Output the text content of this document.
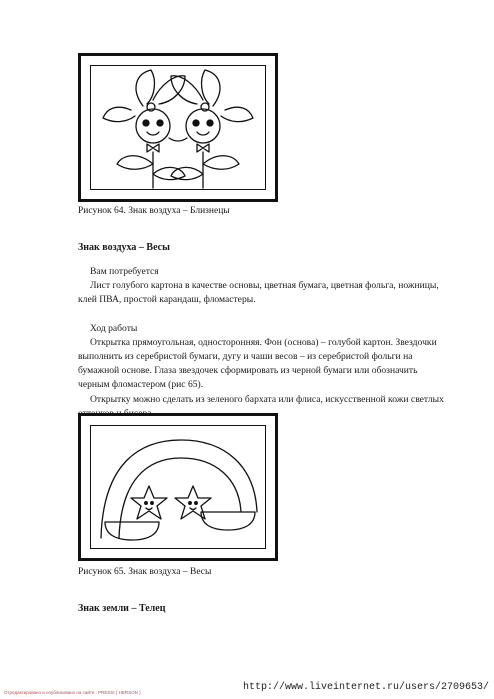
Рисунок 64. Знак воздуха – Близнецы
Знак воздуха – Весы

Вам потребуется

Лист голубого картона в качестве основы, цветная бумага, цветная фольга, ножницы, клей ПВА, простой карандаш, фломастеры.

Ход работы

Открытка прямоугольная, односторонняя. Фон (основа) – голубой картон. Звездочки выполнить из серебристой бумаги, дугу и чаши весов – из серебристой фольги на бумажной основе. Глаза звездочек сформировать из черной бумаги или обозначить черным фломастером (рис 65).

Открытку можно сделать из зеленого бархата или флиса, искусственной кожи светлых

Рисунок 65. Знак воздуха – Весы
Знак земли – Телец
Отредактировано и опубликовано на сайте : PRESSI ( HERSON )	http://www.liveinternet.ru/users/2709653/
